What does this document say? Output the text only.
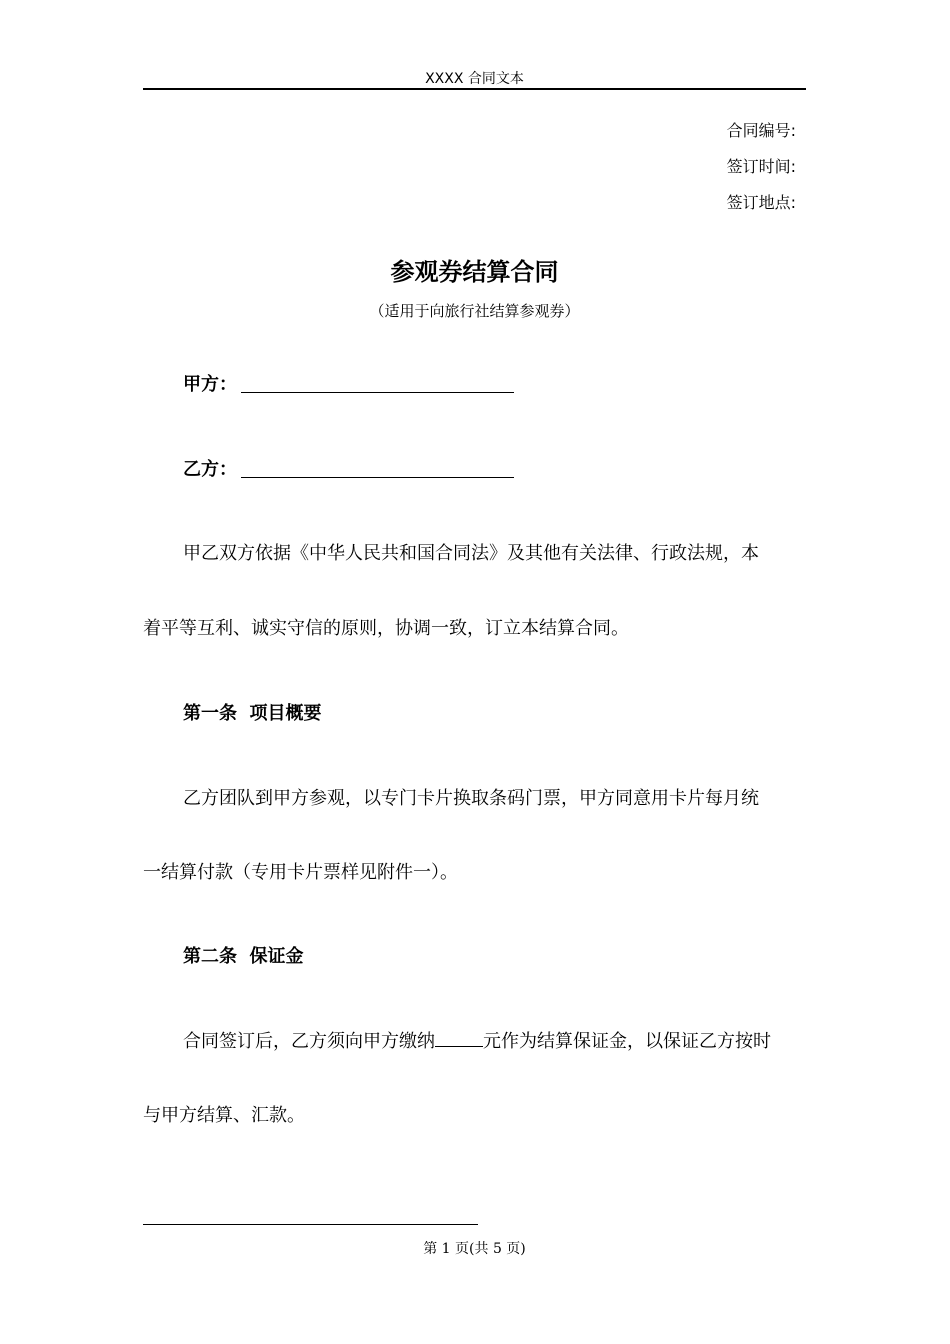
XXXX 合同文本
合同编号:
签订时间:
签订地点:
参观券结算合同
（适用于向旅行社结算参观券）
甲方：
乙方：
甲乙双方依据《中华人民共和国合同法》及其他有关法律、行政法规，本
着平等互利、诚实守信的原则，协调一致，订立本结算合同。
第一条 项目概要
乙方团队到甲方参观，以专门卡片换取条码门票，甲方同意用卡片每月统
一结算付款（专用卡片票样见附件一）。
第二条 保证金
合同签订后，乙方须向甲方缴纳	元作为结算保证金，以保证乙方按时
与甲方结算、汇款。
第 1 页(共 5 页)
